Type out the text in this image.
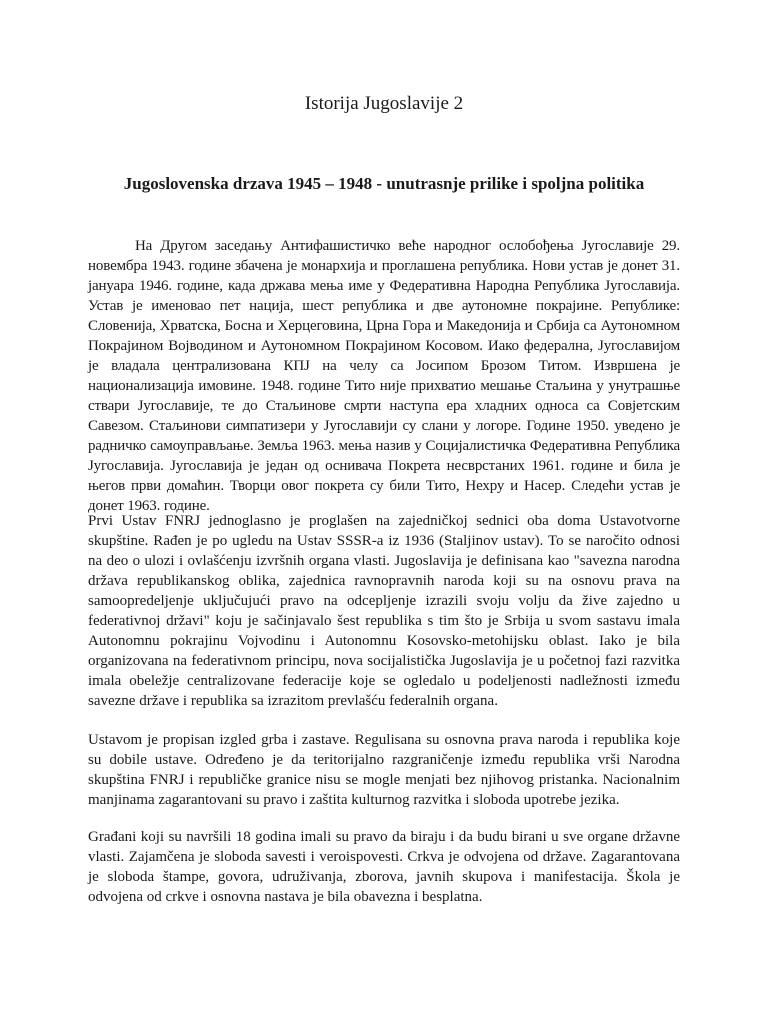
Istorija Jugoslavije 2
Jugoslovenska drzava 1945 – 1948 - unutrasnje prilike i spoljna politika

На Другом заседању Антифашистичко веће народног ослобођења Југославије 29. новембра 1943. године збачена је монархија и проглашена република. Нови устав је донет 31. јануара 1946. године, када држава мења име у Федеративна Народна Република Југославија. Устав је именовао пет нација, шест република и две аутономне покрајине. Републике: Словенија, Хрватска, Босна и Херцеговина, Црна Гора и Македонија и Србија са Аутономном Покрајином Војводином и Аутономном Покрајином Косовом. Иако федерална, Југославијом је владала централизована КПЈ на челу са Јосипом Брозом Титом. Извршена је национализација имовине. 1948. године Тито није прихватио мешање Стаљина у унутрашње ствари Југославије, те до Стаљинове смрти наступа ера хладних односа са Совјетским Савезом. Стаљинови симпатизери у Југославији су слани у логоре. Године 1950. уведено је радничко самоуправљање. Земља 1963. мења назив у Социјалистичка Федеративна Република Југославија. Југославија је један од оснивача Покрета несврстаних 1961. године и била је његов први домаћин. Творци овог покрета су били Тито, Нехру и Насер. Следећи устав је донет 1963. године.

Prvi Ustav FNRJ jednoglasno je proglašen na zajedničkoj sednici oba doma Ustavotvorne skupštine. Rađen je po ugledu na Ustav SSSR-a iz 1936 (Staljinov ustav). To se naročito odnosi na deo o ulozi i ovlašćenju izvršnih organa vlasti. Jugoslavija je definisana kao "savezna narodna država republikanskog oblika, zajednica ravnopravnih naroda koji su na osnovu prava na samoopredeljenje uključujući pravo na odcepljenje izrazili svoju volju da žive zajedno u federativnoj državi" koju je sačinjavalo šest republika s tim što je Srbija u svom sastavu imala Autonomnu pokrajinu Vojvodinu i Autonomnu Kosovsko-metohijsku oblast. Iako je bila organizovana na federativnom principu, nova socijalistička Jugoslavija je u početnoj fazi razvitka imala obeležje centralizovane federacije koje se ogledalo u podeljenosti nadležnosti između savezne države i republika sa izrazitom prevlašću federalnih organa.

Ustavom je propisan izgled grba i zastave. Regulisana su osnovna prava naroda i republika koje su dobile ustave. Određeno je da teritorijalno razgraničenje između republika vrši Narodna skupština FNRJ i republičke granice nisu se mogle menjati bez njihovog pristanka. Nacionalnim manjinama zagarantovani su pravo i zaštita kulturnog razvitka i sloboda upotrebe jezika.

Građani koji su navršili 18 godina imali su pravo da biraju i da budu birani u sve organe državne vlasti. Zajamčena je sloboda savesti i veroispovesti. Crkva je odvojena od države. Zagarantovana je sloboda štampe, govora, udruživanja, zborova, javnih skupova i manifestacija. Škola je odvojena od crkve i osnovna nastava je bila obavezna i besplatna.
